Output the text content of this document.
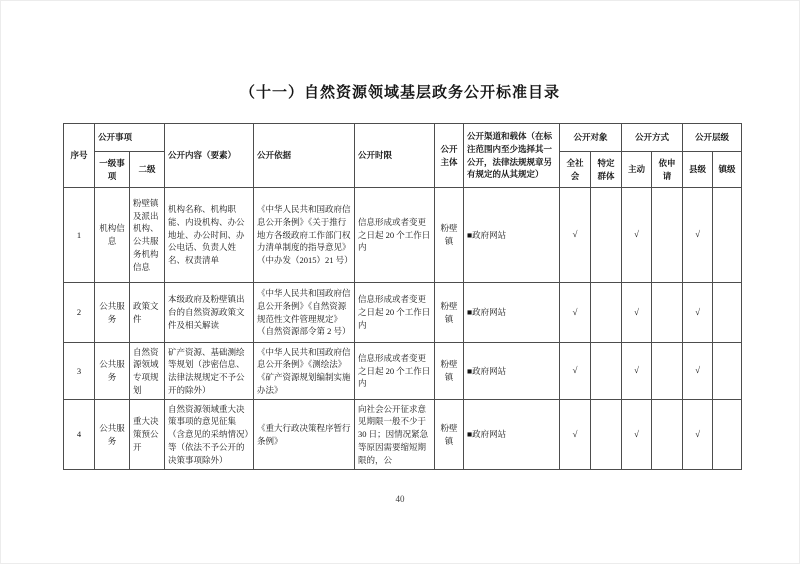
（十一）自然资源领域基层政务公开标准目录
序号	公开事项		公开内容（要素）	公开依据	公开时限	公开主体	公开渠道和载体（在标注范围内至少选择其一公开，法律法规规章另有规定的从其规定）	公开对象		公开方式		公开层级	
	一级事项	二级						全社会	特定群体	主动	依申请	县级	镇级
1	机构信息	粉壁镇及派出机构、公共服务机构信息	机构名称、机构职能、内设机构、办公地址、办公时间、办公电话、负责人姓名、权责清单	《中华人民共和国政府信息公开条例》《关于推行地方各级政府工作部门权力清单制度的指导意见》（中办发（2015）21 号）	信息形成或者变更之日起 20 个工作日内	粉壁镇	■政府网站	√		√		√	
2	公共服务	政策文件	本级政府及粉壁镇出台的自然资源政策文件及相关解读	《中华人民共和国政府信息公开条例》《自然资源规范性文件管理规定》（自然资源部令第 2 号）	信息形成或者变更之日起 20 个工作日内	粉壁镇	■政府网站	√		√		√	
3	公共服务	自然资源领域专项规划	矿产资源、基础测绘等规划（涉密信息、法律法规规定不予公开的除外）	《中华人民共和国政府信息公开条例》《测绘法》《矿产资源规划编制实施办法》	信息形成或者变更之日起 20 个工作日内	粉壁镇	■政府网站	√		√		√	
4	公共服务	重大决策预公开	自然资源领域重大决策事项的意见征集（含意见的采纳情况）等（依法不予公开的决策事项除外）	《重大行政决策程序暂行条例》	向社会公开征求意见期限一般不少于 30 日；因情况紧急等原因需要缩短期限的，公	粉壁镇	■政府网站	√		√		√	
40
